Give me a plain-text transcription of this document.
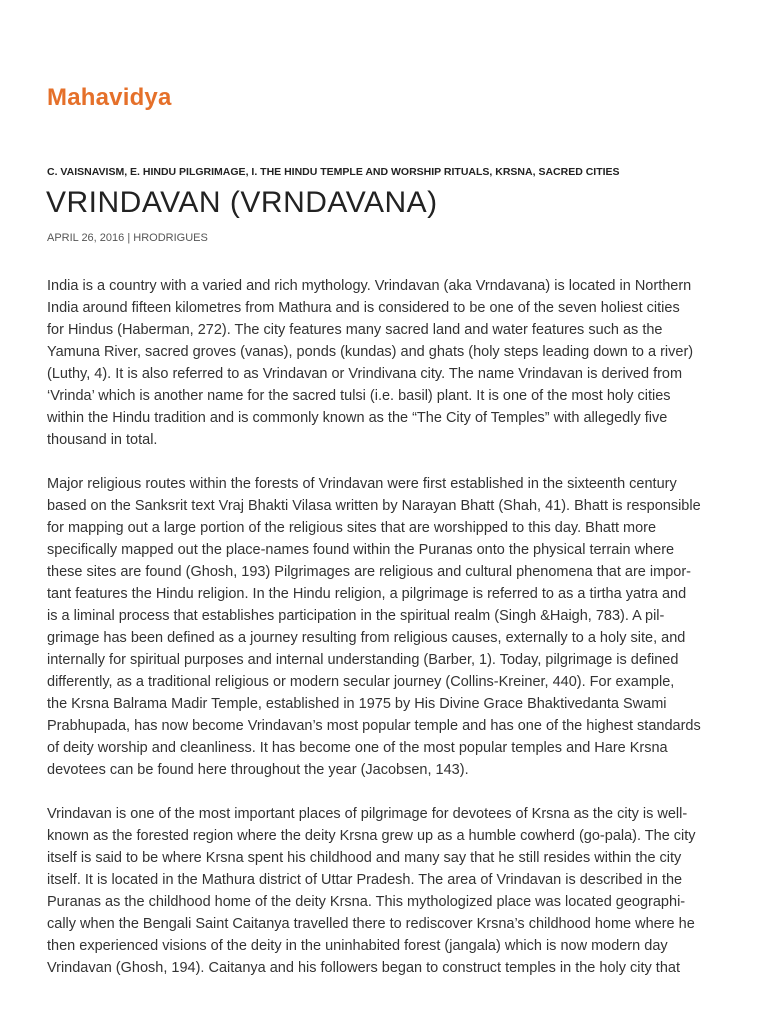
Mahavidya
C. VAISNAVISM, E. HINDU PILGRIMAGE, I. THE HINDU TEMPLE AND WORSHIP RITUALS, KRSNA, SACRED CITIES
VRINDAVAN (VRNDAVANA)
APRIL 26, 2016 | HRODRIGUES

India is a country with a varied and rich mythology. Vrindavan (aka Vrndavana) is located in Northern
India around fifteen kilometres from Mathura and is considered to be one of the seven holiest cities
for Hindus (Haberman, 272). The city features many sacred land and water features such as the
Yamuna River, sacred groves (vanas), ponds (kundas) and ghats (holy steps leading down to a river)
(Luthy, 4). It is also referred to as Vrindavan or Vrindivana city. The name Vrindavan is derived from
‘Vrinda’ which is another name for the sacred tulsi (i.e. basil) plant. It is one of the most holy cities
within the Hindu tradition and is commonly known as the “The City of Temples” with allegedly five
thousand in total.

Major religious routes within the forests of Vrindavan were first established in the sixteenth century
based on the Sanksrit text Vraj Bhakti Vilasa written by Narayan Bhatt (Shah, 41). Bhatt is responsible
for mapping out a large portion of the religious sites that are worshipped to this day. Bhatt more
specifically mapped out the place-names found within the Puranas onto the physical terrain where
these sites are found (Ghosh, 193) Pilgrimages are religious and cultural phenomena that are impor-
tant features the Hindu religion. In the Hindu religion, a pilgrimage is referred to as a tirtha yatra and
is a liminal process that establishes participation in the spiritual realm (Singh &Haigh, 783). A pil-
grimage has been defined as a journey resulting from religious causes, externally to a holy site, and
internally for spiritual purposes and internal understanding (Barber, 1). Today, pilgrimage is defined
differently, as a traditional religious or modern secular journey (Collins-Kreiner, 440). For example,
the Krsna Balrama Madir Temple, established in 1975 by His Divine Grace Bhaktivedanta Swami
Prabhupada, has now become Vrindavan’s most popular temple and has one of the highest standards
of deity worship and cleanliness. It has become one of the most popular temples and Hare Krsna
devotees can be found here throughout the year (Jacobsen, 143).

Vrindavan is one of the most important places of pilgrimage for devotees of Krsna as the city is well-
known as the forested region where the deity Krsna grew up as a humble cowherd (go-pala). The city
itself is said to be where Krsna spent his childhood and many say that he still resides within the city
itself. It is located in the Mathura district of Uttar Pradesh. The area of Vrindavan is described in the
Puranas as the childhood home of the deity Krsna. This mythologized place was located geographi-
cally when the Bengali Saint Caitanya travelled there to rediscover Krsna’s childhood home where he
then experienced visions of the deity in the uninhabited forest (jangala) which is now modern day
Vrindavan (Ghosh, 194). Caitanya and his followers began to construct temples in the holy city that
